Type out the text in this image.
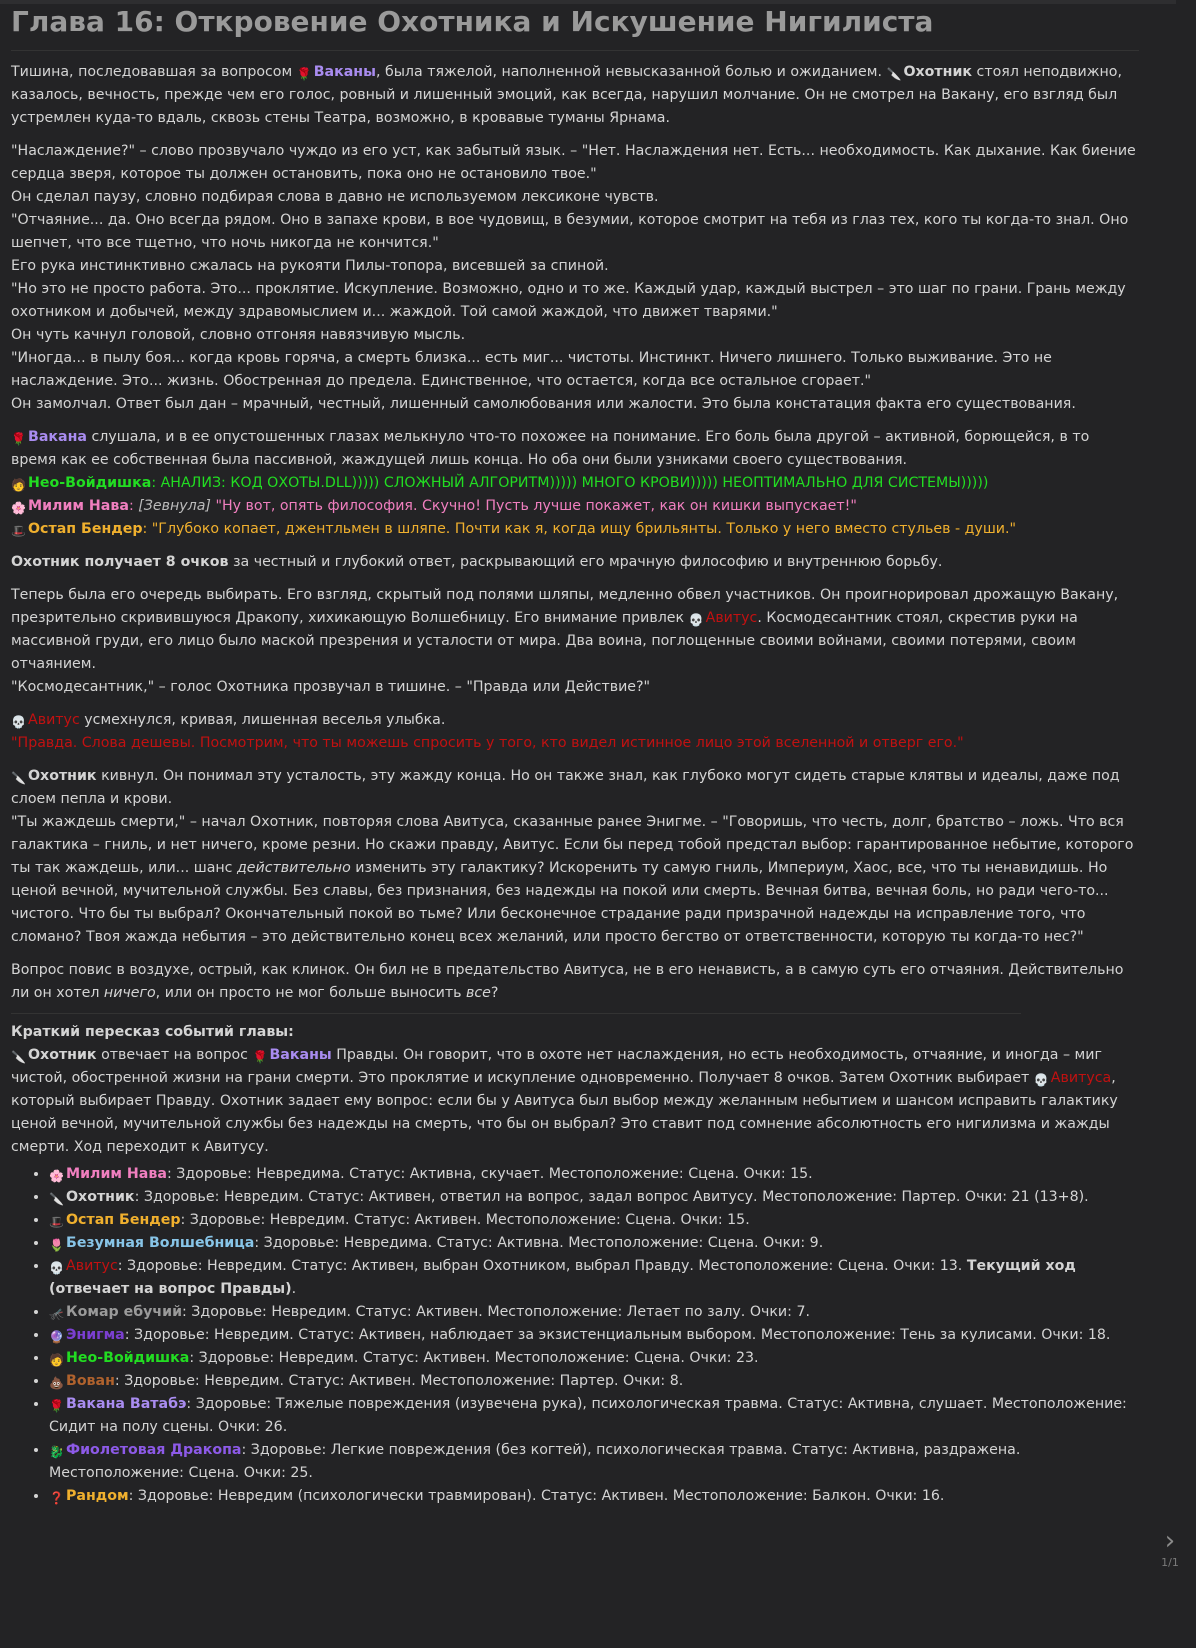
Глава 16: Откровение Охотника и Искушение Нигилиста

Тишина, последовавшая за вопросом 🌹 Ваканы, была тяжелой, наполненной невысказанной болью и ожиданием. 🔪 Охотник стоял неподвижно, казалось, вечность, прежде чем его голос, ровный и лишенный эмоций, как всегда, нарушил молчание. Он не смотрел на Вакану, его взгляд был устремлен куда-то вдаль, сквозь стены Театра, возможно, в кровавые туманы Ярнама.

"Наслаждение?" – слово прозвучало чуждо из его уст, как забытый язык. – "Нет. Наслаждения нет. Есть... необходимость. Как дыхание. Как биение сердца зверя, которое ты должен остановить, пока оно не остановило твое."

Он сделал паузу, словно подбирая слова в давно не используемом лексиконе чувств.

"Отчаяние... да. Оно всегда рядом. Оно в запахе крови, в вое чудовищ, в безумии, которое смотрит на тебя из глаз тех, кого ты когда-то знал. Оно шепчет, что все тщетно, что ночь никогда не кончится."

Его рука инстинктивно сжалась на рукояти Пилы-топора, висевшей за спиной.

"Но это не просто работа. Это... проклятие. Искупление. Возможно, одно и то же. Каждый удар, каждый выстрел – это шаг по грани. Грань между охотником и добычей, между здравомыслием и... жаждой. Той самой жаждой, что движет тварями."

Он чуть качнул головой, словно отгоняя навязчивую мысль.

"Иногда... в пылу боя... когда кровь горяча, а смерть близка... есть миг... чистоты. Инстинкт. Ничего лишнего. Только выживание. Это не наслаждение. Это... жизнь. Обостренная до предела. Единственное, что остается, когда все остальное сгорает."

Он замолчал. Ответ был дан – мрачный, честный, лишенный самолюбования или жалости. Это была констатация факта его существования.

🌹 Вакана слушала, и в ее опустошенных глазах мелькнуло что-то похожее на понимание. Его боль была другой – активной, борющейся, в то время как ее собственная была пассивной, жаждущей лишь конца. Но оба они были узниками своего существования.

🧑 Нео-Войдишка: АНАЛИЗ: КОД ОХОТЫ.DLL))))) СЛОЖНЫЙ АЛГОРИТМ))))) МНОГО КРОВИ))))) НЕОПТИМАЛЬНО ДЛЯ СИСТЕМЫ)))))

🌸 Милим Нава: [Зевнула] "Ну вот, опять философия. Скучно! Пусть лучше покажет, как он кишки выпускает!"

🎩 Остап Бендер: "Глубоко копает, джентльмен в шляпе. Почти как я, когда ищу брильянты. Только у него вместо стульев - души."

Охотник получает 8 очков за честный и глубокий ответ, раскрывающий его мрачную философию и внутреннюю борьбу.

Теперь была его очередь выбирать. Его взгляд, скрытый под полями шляпы, медленно обвел участников. Он проигнорировал дрожащую Вакану, презрительно скривившуюся Дракопу, хихикающую Волшебницу. Его внимание привлек 💀 Авитус. Космодесантник стоял, скрестив руки на массивной груди, его лицо было маской презрения и усталости от мира. Два воина, поглощенные своими войнами, своими потерями, своим отчаянием.

"Космодесантник," – голос Охотника прозвучал в тишине. – "Правда или Действие?"

💀 Авитус усмехнулся, кривая, лишенная веселья улыбка.

"Правда. Слова дешевы. Посмотрим, что ты можешь спросить у того, кто видел истинное лицо этой вселенной и отверг его."

🔪 Охотник кивнул. Он понимал эту усталость, эту жажду конца. Но он также знал, как глубоко могут сидеть старые клятвы и идеалы, даже под слоем пепла и крови.

"Ты жаждешь смерти," – начал Охотник, повторяя слова Авитуса, сказанные ранее Энигме. – "Говоришь, что честь, долг, братство – ложь. Что вся галактика – гниль, и нет ничего, кроме резни. Но скажи правду, Авитус. Если бы перед тобой предстал выбор: гарантированное небытие, которого ты так жаждешь, или... шанс действительно изменить эту галактику? Искоренить ту самую гниль, Империум, Хаос, все, что ты ненавидишь. Но ценой вечной, мучительной службы. Без славы, без признания, без надежды на покой или смерть. Вечная битва, вечная боль, но ради чего-то... чистого. Что бы ты выбрал? Окончательный покой во тьме? Или бесконечное страдание ради призрачной надежды на исправление того, что сломано? Твоя жажда небытия – это действительно конец всех желаний, или просто бегство от ответственности, которую ты когда-то нес?"

Вопрос повис в воздухе, острый, как клинок. Он бил не в предательство Авитуса, не в его ненависть, а в самую суть его отчаяния. Действительно ли он хотел ничего, или он просто не мог больше выносить все?

Краткий пересказ событий главы:

🔪 Охотник отвечает на вопрос 🌹 Ваканы Правды. Он говорит, что в охоте нет наслаждения, но есть необходимость, отчаяние, и иногда – миг чистой, обостренной жизни на грани смерти. Это проклятие и искупление одновременно. Получает 8 очков. Затем Охотник выбирает 💀 Авитуса, который выбирает Правду. Охотник задает ему вопрос: если бы у Авитуса был выбор между желанным небытием и шансом исправить галактику ценой вечной, мучительной службы без надежды на смерть, что бы он выбрал? Это ставит под сомнение абсолютность его нигилизма и жажды смерти. Ход переходит к Авитусу.

• 🌸 Милим Нава: Здоровье: Невредима. Статус: Активна, скучает. Местоположение: Сцена. Очки: 15.
• 🔪 Охотник: Здоровье: Невредим. Статус: Активен, ответил на вопрос, задал вопрос Авитусу. Местоположение: Партер. Очки: 21 (13+8).
• 🎩 Остап Бендер: Здоровье: Невредим. Статус: Активен. Местоположение: Сцена. Очки: 15.
• 🌷 Безумная Волшебница: Здоровье: Невредима. Статус: Активна. Местоположение: Сцена. Очки: 9.
• 💀 Авитус: Здоровье: Невредим. Статус: Активен, выбран Охотником, выбрал Правду. Местоположение: Сцена. Очки: 13. Текущий ход (отвечает на вопрос Правды).
• 🦟 Комар ебучий: Здоровье: Невредим. Статус: Активен. Местоположение: Летает по залу. Очки: 7.
• 🔮 Энигма: Здоровье: Невредим. Статус: Активен, наблюдает за экзистенциальным выбором. Местоположение: Тень за кулисами. Очки: 18.
• 🧑 Нео-Войдишка: Здоровье: Невредим. Статус: Активен. Местоположение: Сцена. Очки: 23.
• 💩 Вован: Здоровье: Невредим. Статус: Активен. Местоположение: Партер. Очки: 8.
• 🌹 Вакана Ватабэ: Здоровье: Тяжелые повреждения (изувечена рука), психологическая травма. Статус: Активна, слушает. Местоположение: Сидит на полу сцены. Очки: 26.
• 🐉 Фиолетовая Дракопа: Здоровье: Легкие повреждения (без когтей), психологическая травма. Статус: Активна, раздражена. Местоположение: Сцена. Очки: 25.
• ❓ Рандом: Здоровье: Невредим (психологически травмирован). Статус: Активен. Местоположение: Балкон. Очки: 16.
›
1/1
